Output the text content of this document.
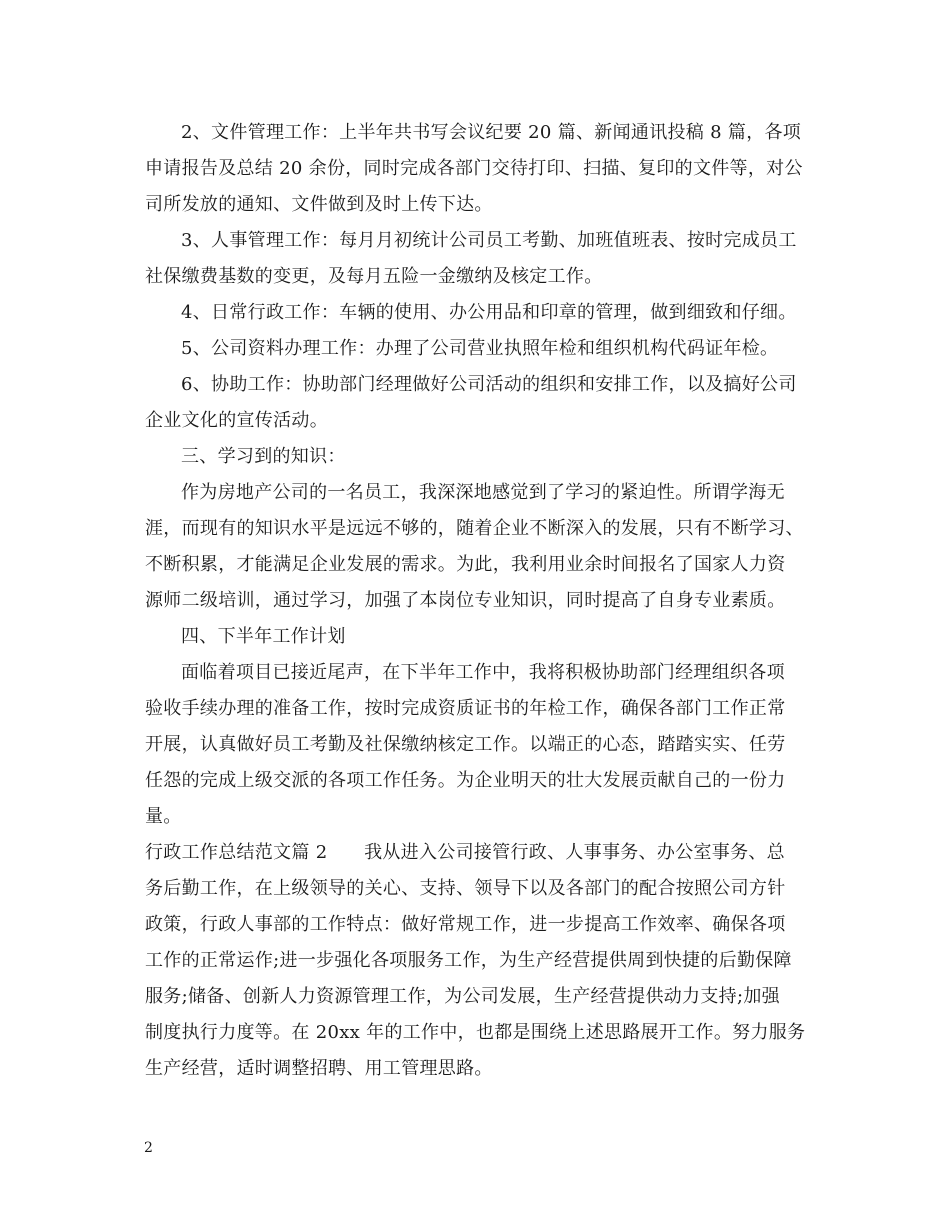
2、文件管理工作：上半年共书写会议纪要 20 篇、新闻通讯投稿 8 篇，各项
申请报告及总结 20 余份，同时完成各部门交待打印、扫描、复印的文件等，对公
司所发放的通知、文件做到及时上传下达。
3、人事管理工作：每月月初统计公司员工考勤、加班值班表、按时完成员工
社保缴费基数的变更，及每月五险一金缴纳及核定工作。
4、日常行政工作：车辆的使用、办公用品和印章的管理，做到细致和仔细。
5、公司资料办理工作：办理了公司营业执照年检和组织机构代码证年检。
6、协助工作：协助部门经理做好公司活动的组织和安排工作，以及搞好公司
企业文化的宣传活动。
三、学习到的知识：
作为房地产公司的一名员工，我深深地感觉到了学习的紧迫性。所谓学海无
涯，而现有的知识水平是远远不够的，随着企业不断深入的发展，只有不断学习、
不断积累，才能满足企业发展的需求。为此，我利用业余时间报名了国家人力资
源师二级培训，通过学习，加强了本岗位专业知识，同时提高了自身专业素质。
四、下半年工作计划
面临着项目已接近尾声，在下半年工作中，我将积极协助部门经理组织各项
验收手续办理的准备工作，按时完成资质证书的年检工作，确保各部门工作正常
开展，认真做好员工考勤及社保缴纳核定工作。以端正的心态，踏踏实实、任劳
任怨的完成上级交派的各项工作任务。为企业明天的壮大发展贡献自己的一份力
量。
行政工作总结范文篇 2　　我从进入公司接管行政、人事事务、办公室事务、总
务后勤工作，在上级领导的关心、支持、领导下以及各部门的配合按照公司方针
政策，行政人事部的工作特点：做好常规工作，进一步提高工作效率、确保各项
工作的正常运作;进一步强化各项服务工作，为生产经营提供周到快捷的后勤保障
服务;储备、创新人力资源管理工作，为公司发展，生产经营提供动力支持;加强
制度执行力度等。在 20xx 年的工作中，也都是围绕上述思路展开工作。努力服务
生产经营，适时调整招聘、用工管理思路。
2
